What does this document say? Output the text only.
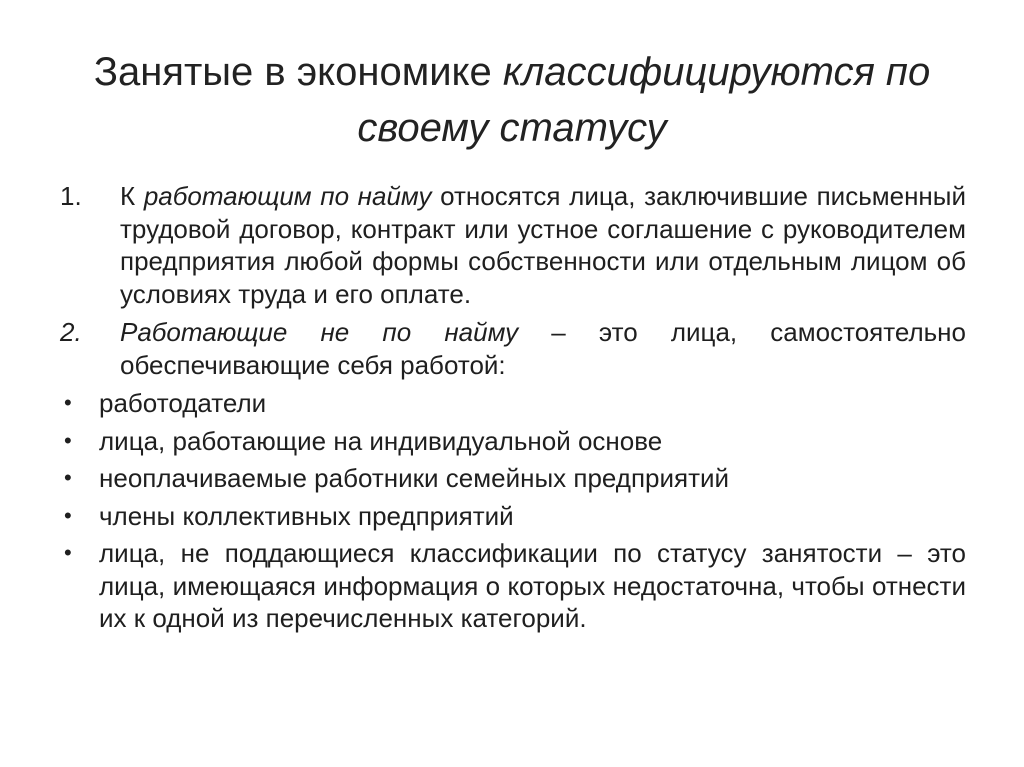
Занятые в экономике классифицируются по своему статусу
1. К работающим по найму относятся лица, заключившие письменный трудовой договор, контракт или устное соглашение с руководителем предприятия любой формы собственности или отдельным лицом об условиях труда и его оплате.
2. Работающие не по найму – это лица, самостоятельно обеспечивающие себя работой:
• работодатели
• лица, работающие на индивидуальной основе
• неоплачиваемые работники семейных предприятий
• члены коллективных предприятий
• лица, не поддающиеся классификации по статусу занятости – это лица, имеющаяся информация о которых недостаточна, чтобы отнести их к одной из перечисленных категорий.
